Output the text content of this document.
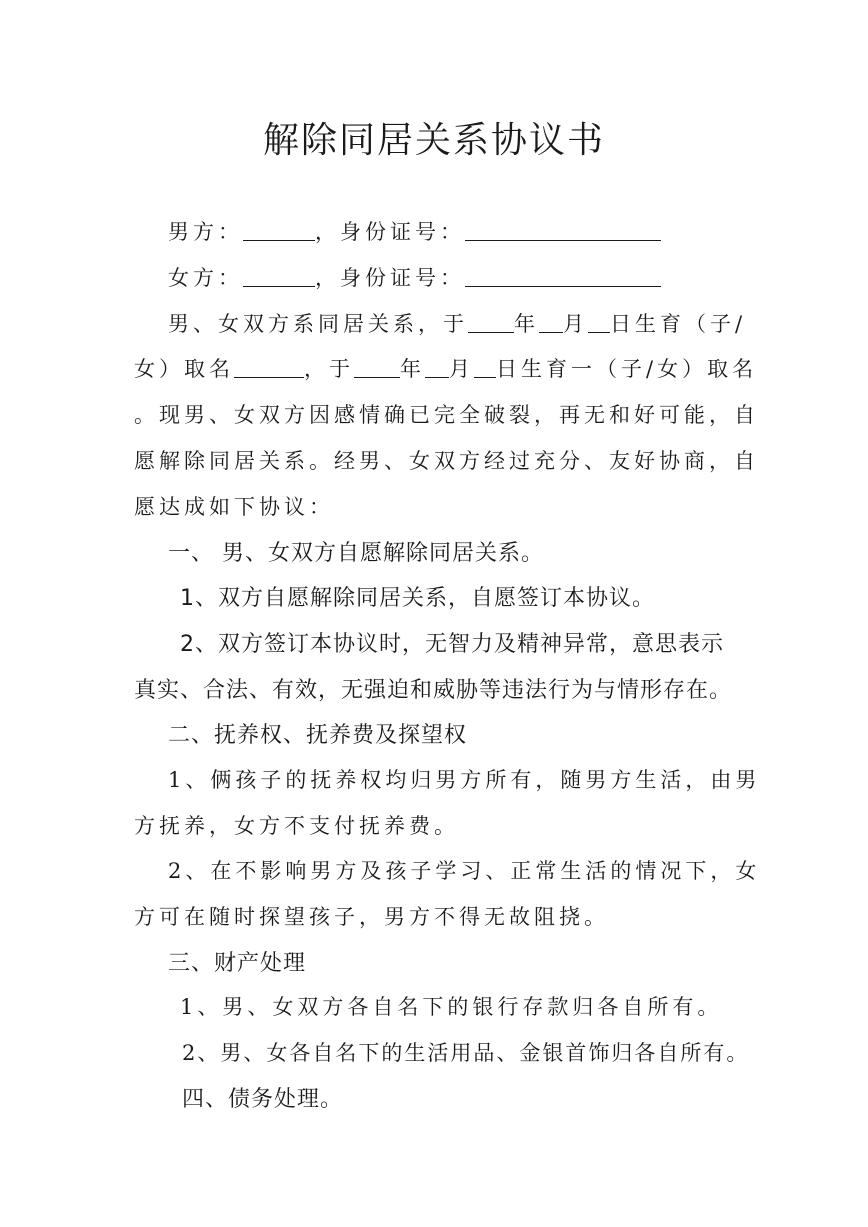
解除同居关系协议书
男方：	，身份证号：
女方：	，身份证号：
男、女双方系同居关系，于 年 月 日生育（子/
女）取名	，于 年 月 日生育一（子/女）取名
。现男、女双方因感情确已完全破裂，再无和好可能，自
愿解除同居关系。经男、女双方经过充分、友好协商，自
愿达成如下协议：
一、 男、女双方自愿解除同居关系。
1、双方自愿解除同居关系，自愿签订本协议。
2、双方签订本协议时，无智力及精神异常，意思表示
真实、合法、有效，无强迫和威胁等违法行为与情形存在。
二、抚养权、抚养费及探望权
1、俩孩子的抚养权均归男方所有，随男方生活，由男
方抚养，女方不支付抚养费。
2、在不影响男方及孩子学习、正常生活的情况下，女
方可在随时探望孩子，男方不得无故阻挠。
三、财产处理
1、男、女双方各自名下的银行存款归各自所有。
2、男、女各自名下的生活用品、金银首饰归各自所有。
四、债务处理。
